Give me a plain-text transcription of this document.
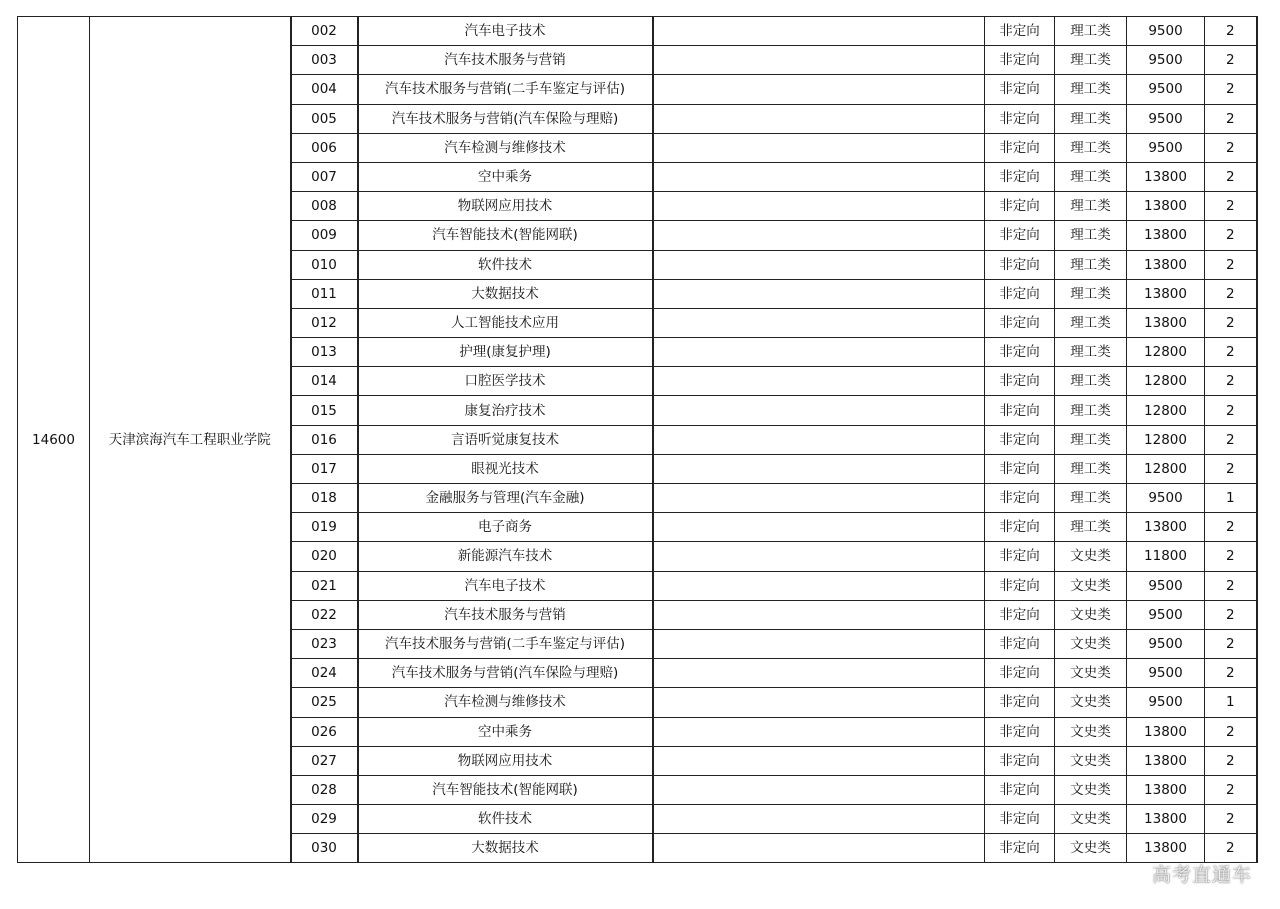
14600	天津滨海汽车工程职业学院	002	汽车电子技术		非定向	理工类	9500	2
		003	汽车技术服务与营销		非定向	理工类	9500	2
		004	汽车技术服务与营销(二手车鉴定与评估)		非定向	理工类	9500	2
		005	汽车技术服务与营销(汽车保险与理赔)		非定向	理工类	9500	2
		006	汽车检测与维修技术		非定向	理工类	9500	2
		007	空中乘务		非定向	理工类	13800	2
		008	物联网应用技术		非定向	理工类	13800	2
		009	汽车智能技术(智能网联)		非定向	理工类	13800	2
		010	软件技术		非定向	理工类	13800	2
		011	大数据技术		非定向	理工类	13800	2
		012	人工智能技术应用		非定向	理工类	13800	2
		013	护理(康复护理)		非定向	理工类	12800	2
		014	口腔医学技术		非定向	理工类	12800	2
		015	康复治疗技术		非定向	理工类	12800	2
		016	言语听觉康复技术		非定向	理工类	12800	2
		017	眼视光技术		非定向	理工类	12800	2
		018	金融服务与管理(汽车金融)		非定向	理工类	9500	1
		019	电子商务		非定向	理工类	13800	2
		020	新能源汽车技术		非定向	文史类	11800	2
		021	汽车电子技术		非定向	文史类	9500	2
		022	汽车技术服务与营销		非定向	文史类	9500	2
		023	汽车技术服务与营销(二手车鉴定与评估)		非定向	文史类	9500	2
		024	汽车技术服务与营销(汽车保险与理赔)		非定向	文史类	9500	2
		025	汽车检测与维修技术		非定向	文史类	9500	1
		026	空中乘务		非定向	文史类	13800	2
		027	物联网应用技术		非定向	文史类	13800	2
		028	汽车智能技术(智能网联)		非定向	文史类	13800	2
		029	软件技术		非定向	文史类	13800	2
		030	大数据技术		非定向	文史类	13800	2
高考直通车
